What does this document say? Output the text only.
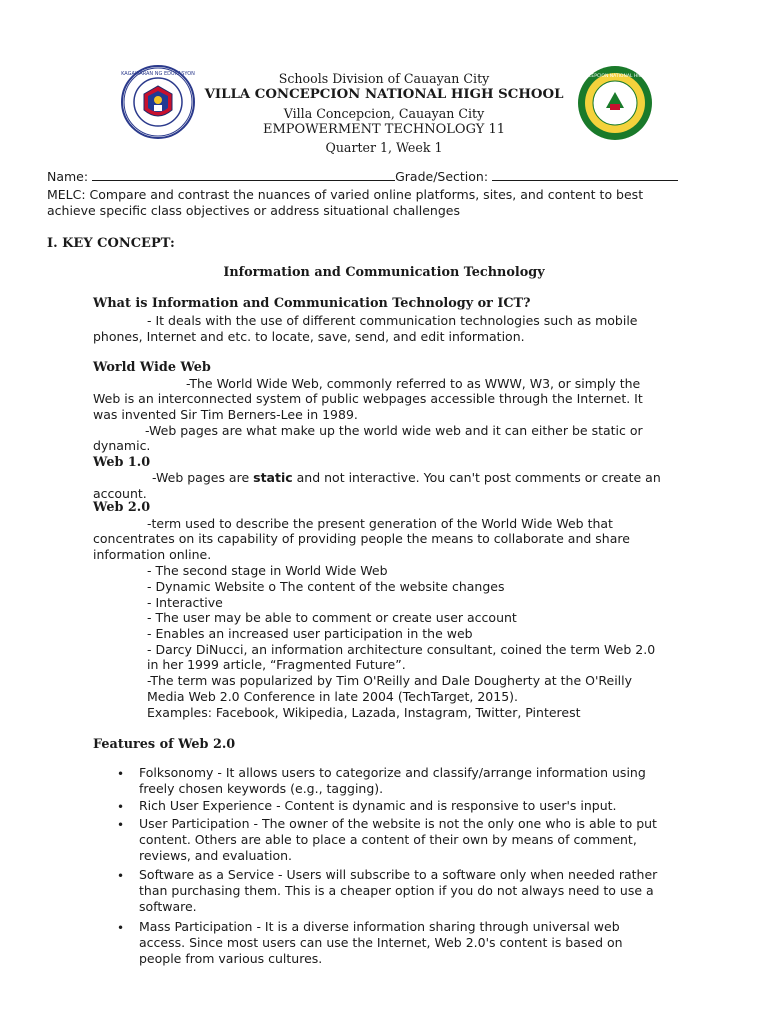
KAGAWARAN NG EDUKASYON	VILLA CONCEPCION NATIONAL HIGH SCHOOL
Schools Division of Cauayan City
VILLA CONCEPCION NATIONAL HIGH SCHOOL
Villa Concepcion, Cauayan City
EMPOWERMENT TECHNOLOGY 11
Quarter 1, Week 1
Name:	Grade/Section:
MELC: Compare and contrast the nuances of varied online platforms, sites, and content to best
achieve specific class objectives or address situational challenges
I. KEY CONCEPT:
Information and Communication Technology
What is Information and Communication Technology or ICT?
- It deals with the use of different communication technologies such as mobile
phones, Internet and etc. to locate, save, send, and edit information.
World Wide Web
-The World Wide Web, commonly referred to as WWW, W3, or simply the
Web is an interconnected system of public webpages accessible through the Internet. It
was invented Sir Tim Berners-Lee in 1989.
-Web pages are what make up the world wide web and it can either be static or
dynamic.
Web 1.0
-Web pages are static and not interactive. You can't post comments or create an
account.
Web 2.0
-term used to describe the present generation of the World Wide Web that
concentrates on its capability of providing people the means to collaborate and share
information online.
- The second stage in World Wide Web
- Dynamic Website o The content of the website changes
- Interactive
- The user may be able to comment or create user account
- Enables an increased user participation in the web
- Darcy DiNucci, an information architecture consultant, coined the term Web 2.0
in her 1999 article, “Fragmented Future”.
-The term was popularized by Tim O'Reilly and Dale Dougherty at the O'Reilly
Media Web 2.0 Conference in late 2004 (TechTarget, 2015).
Examples: Facebook, Wikipedia, Lazada, Instagram, Twitter, Pinterest
Features of Web 2.0
• Folksonomy - It allows users to categorize and classify/arrange information using
freely chosen keywords (e.g., tagging).
• Rich User Experience - Content is dynamic and is responsive to user's input.
• User Participation - The owner of the website is not the only one who is able to put
content. Others are able to place a content of their own by means of comment,
reviews, and evaluation.
• Software as a Service - Users will subscribe to a software only when needed rather
than purchasing them. This is a cheaper option if you do not always need to use a
software.
• Mass Participation - It is a diverse information sharing through universal web
access. Since most users can use the Internet, Web 2.0's content is based on
people from various cultures.
